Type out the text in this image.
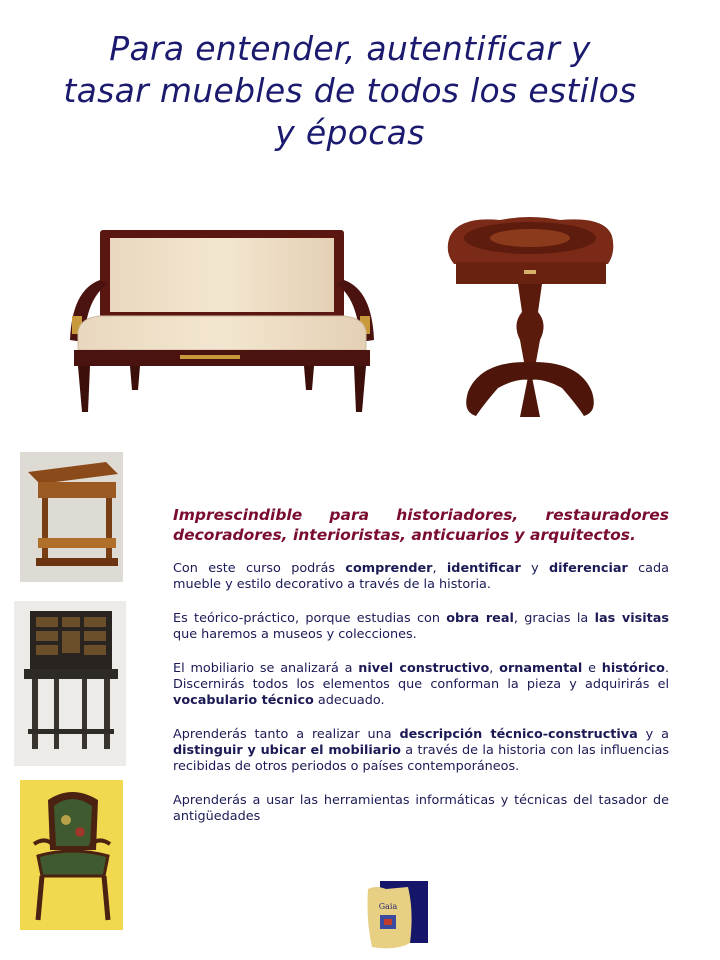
Para entender, autentificar y
tasar muebles de todos los estilos
y épocas
Imprescindible para historiadores, restauradores decoradores, interioristas, anticuarios y arquitectos.
Con este curso podrás comprender, identificar y diferenciar cada mueble y estilo decorativo a través de la historia.
Es teórico-práctico, porque estudias con obra real, gracias la las visitas que haremos a museos y colecciones.
El mobiliario se analizará a nivel constructivo, ornamental e histórico. Discernirás todos los elementos que conforman la pieza y adquirirás el vocabulario técnico adecuado.
Aprenderás tanto a realizar una descripción técnico-constructiva y a distinguir y ubicar el mobiliario a través de la historia con las influencias recibidas de otros periodos o países contemporáneos.
Aprenderás a usar las herramientas informáticas y técnicas del tasador de antigüedades
Gaia
